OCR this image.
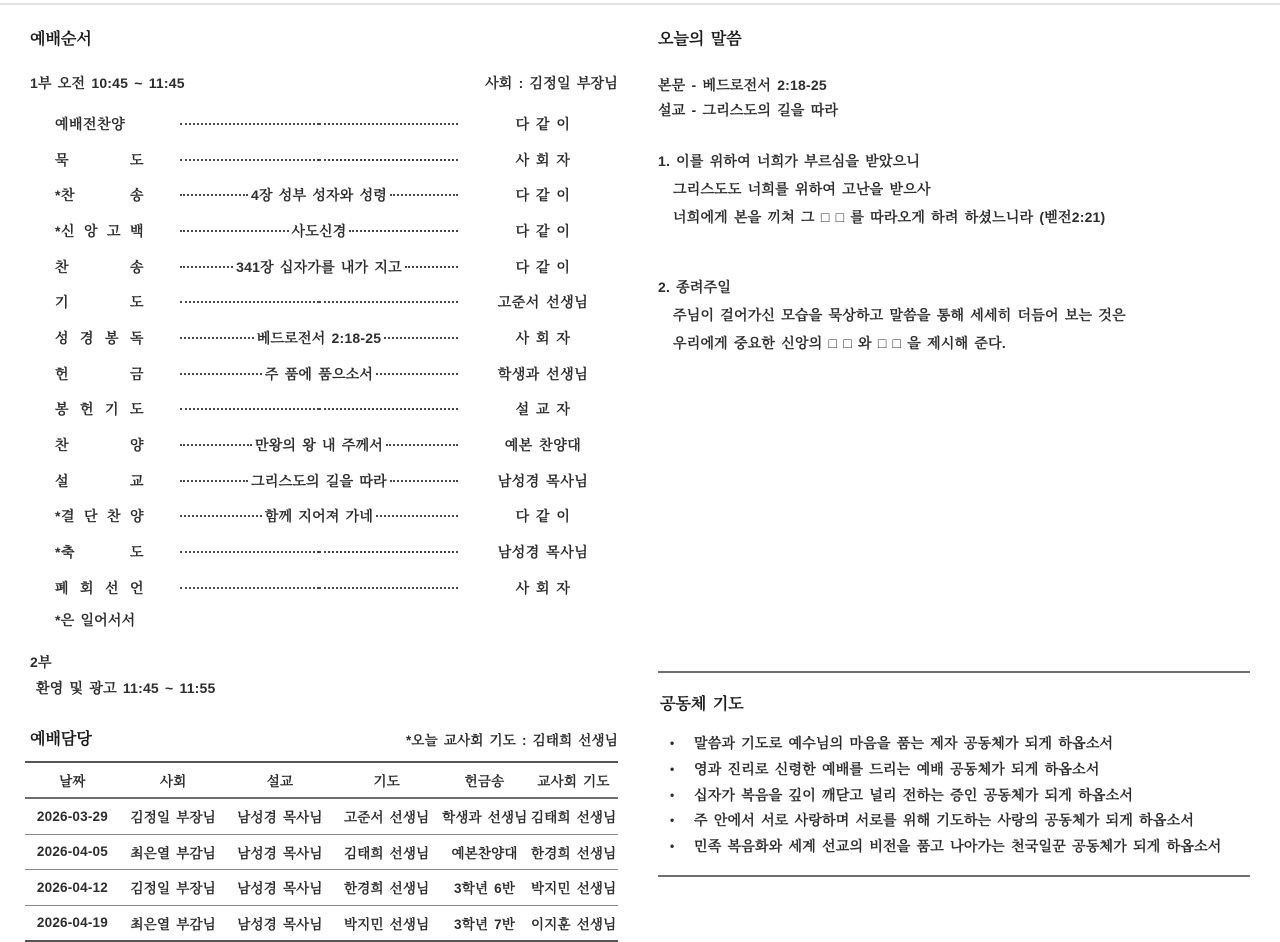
예배순서
1부 오전 10:45 ~ 11:45	사회 : 김정일 부장님
예배전찬양	다 같 이
묵 도	사 회 자
*찬 송	4장 성부 성자와 성령	다 같 이
*신 앙 고 백	사도신경	다 같 이
찬 송	341장 십자가를 내가 지고	다 같 이
기 도	고준서 선생님
성 경 봉 독	베드로전서 2:18-25	사 회 자
헌 금	주 품에 품으소서	학생과 선생님
봉 헌 기 도	설 교 자
찬 양	만왕의 왕 내 주께서	예본 찬양대
설 교	그리스도의 길을 따라	남성경 목사님
*결 단 찬 양	함께 지어져 가네	다 같 이
*축 도	남성경 목사님
폐 회 선 언	사 회 자
*은 일어서서
2부
환영 및 광고 11:45 ~ 11:55
예배담당	*오늘 교사회 기도 : 김태희 선생님
날짜	사회	설교	기도	헌금송	교사회 기도
2026-03-29	김정일 부장님	남성경 목사님	고준서 선생님	학생과 선생님	김태희 선생님
2026-04-05	최은열 부감님	남성경 목사님	김태희 선생님	예본찬양대	한경희 선생님
2026-04-12	김정일 부장님	남성경 목사님	한경희 선생님	3학년 6반	박지민 선생님
2026-04-19	최은열 부감님	남성경 목사님	박지민 선생님	3학년 7반	이지훈 선생님
오늘의 말씀
본문 - 베드로전서 2:18-25
설교 - 그리스도의 길을 따라
1. 이를 위하여 너희가 부르심을 받았으니
그리스도도 너희를 위하여 고난을 받으사
너희에게 본을 끼쳐 그 □ □ 를 따라오게 하려 하셨느니라 (벧전2:21)
2. 종려주일
주님이 걸어가신 모습을 묵상하고 말씀을 통해 세세히 더듬어 보는 것은
우리에게 중요한 신앙의 □ □ 와 □ □ 을 제시해 준다.
공동체 기도
• 말씀과 기도로 예수님의 마음을 품는 제자 공동체가 되게 하옵소서
• 영과 진리로 신령한 예배를 드리는 예배 공동체가 되게 하옵소서
• 십자가 복음을 깊이 깨닫고 널리 전하는 증인 공동체가 되게 하옵소서
• 주 안에서 서로 사랑하며 서로를 위해 기도하는 사랑의 공동체가 되게 하옵소서
• 민족 복음화와 세계 선교의 비전을 품고 나아가는 천국일꾼 공동체가 되게 하옵소서
